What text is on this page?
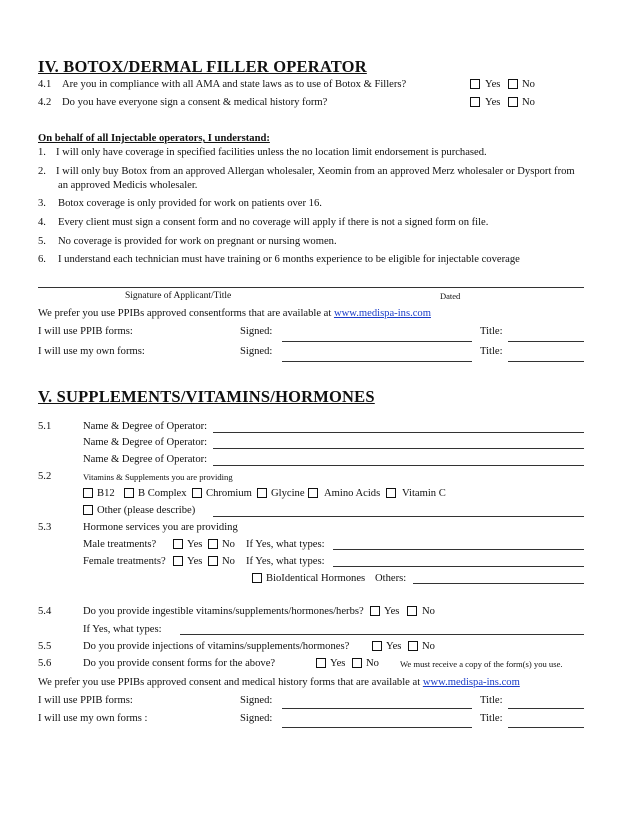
IV. BOTOX/DERMAL FILLER OPERATOR
4.1 Are you in compliance with all AMA and state laws as to use of Botox & Fillers?	Yes No
4.2 Do you have everyone sign a consent & medical history form?	Yes No
On behalf of all Injectable operators, I understand:
1. I will only have coverage in specified facilities unless the no location limit endorsement is purchased.
2. I will only buy Botox from an approved Allergan wholesaler, Xeomin from an approved Merz wholesaler or Dysport from
an approved Medicis wholesaler.
3. Botox coverage is only provided for work on patients over 16.
4. Every client must sign a consent form and no coverage will apply if there is not a signed form on file.
5. No coverage is provided for work on pregnant or nursing women.
6. I understand each technician must have training or 6 months experience to be eligible for injectable coverage
Signature of Applicant/Title	Dated
We prefer you use PPIBs approved consentforms that are available at www.medispa-ins.com
I will use PPIB forms:	Signed:	Title:
I will use my own forms:	Signed:	Title:
V. SUPPLEMENTS/VITAMINS/HORMONES
5.1	Name & Degree of Operator:
Name & Degree of Operator:
Name & Degree of Operator:
5.2	Vitamins & Supplements you are providing
B12 B Complex Chromium Glycine Amino Acids Vitamin C
Other (please describe)
5.3	Hormone services you are providing
Male treatments?	Yes No If Yes, what types:
Female treatments? Yes No If Yes, what types:
BioIdentical Hormones Others:
5.4	Do you provide ingestible vitamins/supplements/hormones/herbs? Yes No
If Yes, what types:
5.5	Do you provide injections of vitamins/supplements/hormones?	Yes No
5.6	Do you provide consent forms for the above?	Yes No We must receive a copy of the form(s) you use.
We prefer you use PPIBs approved consent and medical history forms that are available at www.medispa-ins.com
I will use PPIB forms:	Signed:	Title:
I will use my own forms :	Signed:	Title:
